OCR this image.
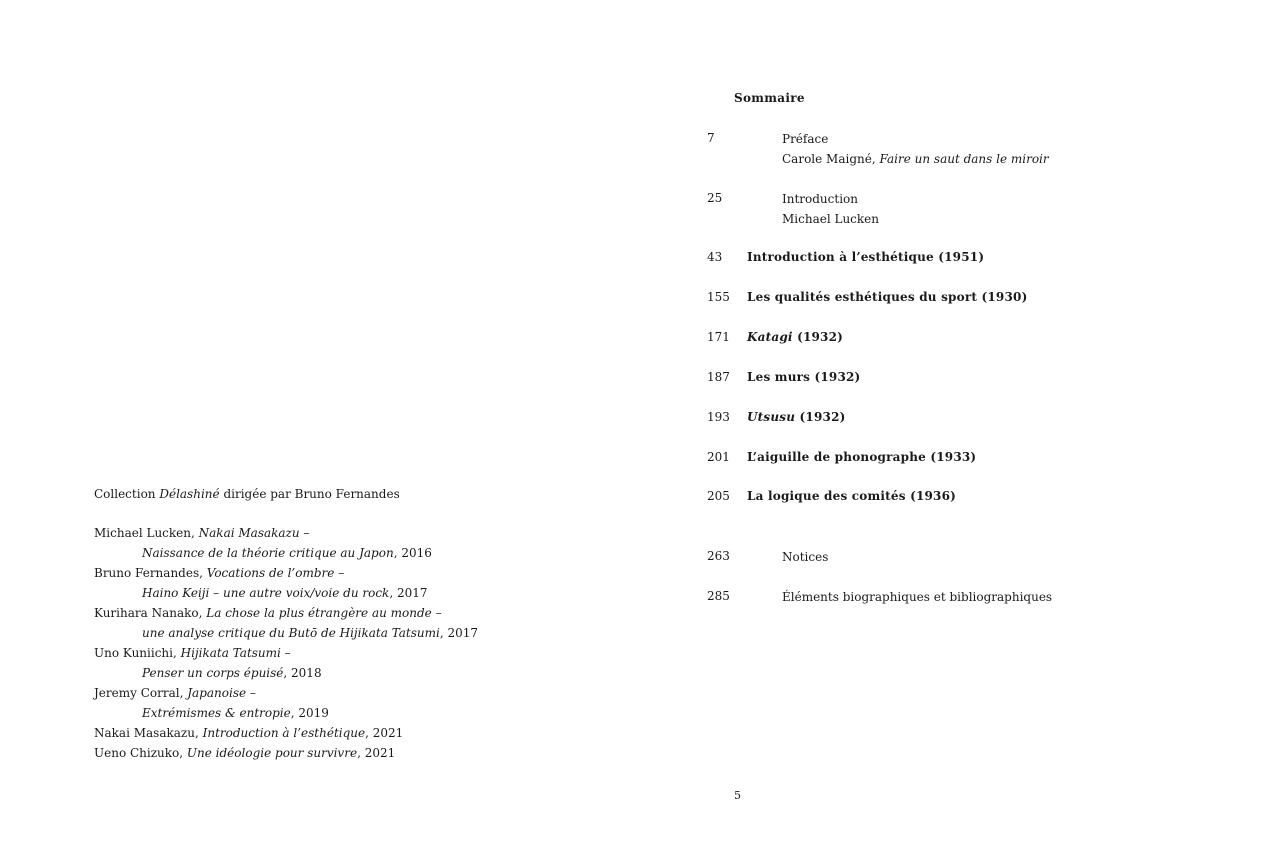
Collection Délashiné dirigée par Bruno Fernandes
Michael Lucken, Nakai Masakazu –
Naissance de la théorie critique au Japon, 2016
Bruno Fernandes, Vocations de l’ombre –
Haino Keiji – une autre voix/voie du rock, 2017
Kurihara Nanako, La chose la plus étrangère au monde –
une analyse critique du Butō de Hijikata Tatsumi, 2017
Uno Kuniichi, Hijikata Tatsumi –
Penser un corps épuisé, 2018
Jeremy Corral, Japanoise –
Extrémismes & entropie, 2019
Nakai Masakazu, Introduction à l’esthétique, 2021
Ueno Chizuko, Une idéologie pour survivre, 2021
Sommaire
7	Préface
Carole Maigné, Faire un saut dans le miroir
25	Introduction
Michael Lucken
43 Introduction à l’esthétique (1951)
155 Les qualités esthétiques du sport (1930)
171 Katagi (1932)
187 Les murs (1932)
193 Utsusu (1932)
201 L’aiguille de phonographe (1933)
205 La logique des comités (1936)
263	Notices
285	Éléments biographiques et bibliographiques
5
